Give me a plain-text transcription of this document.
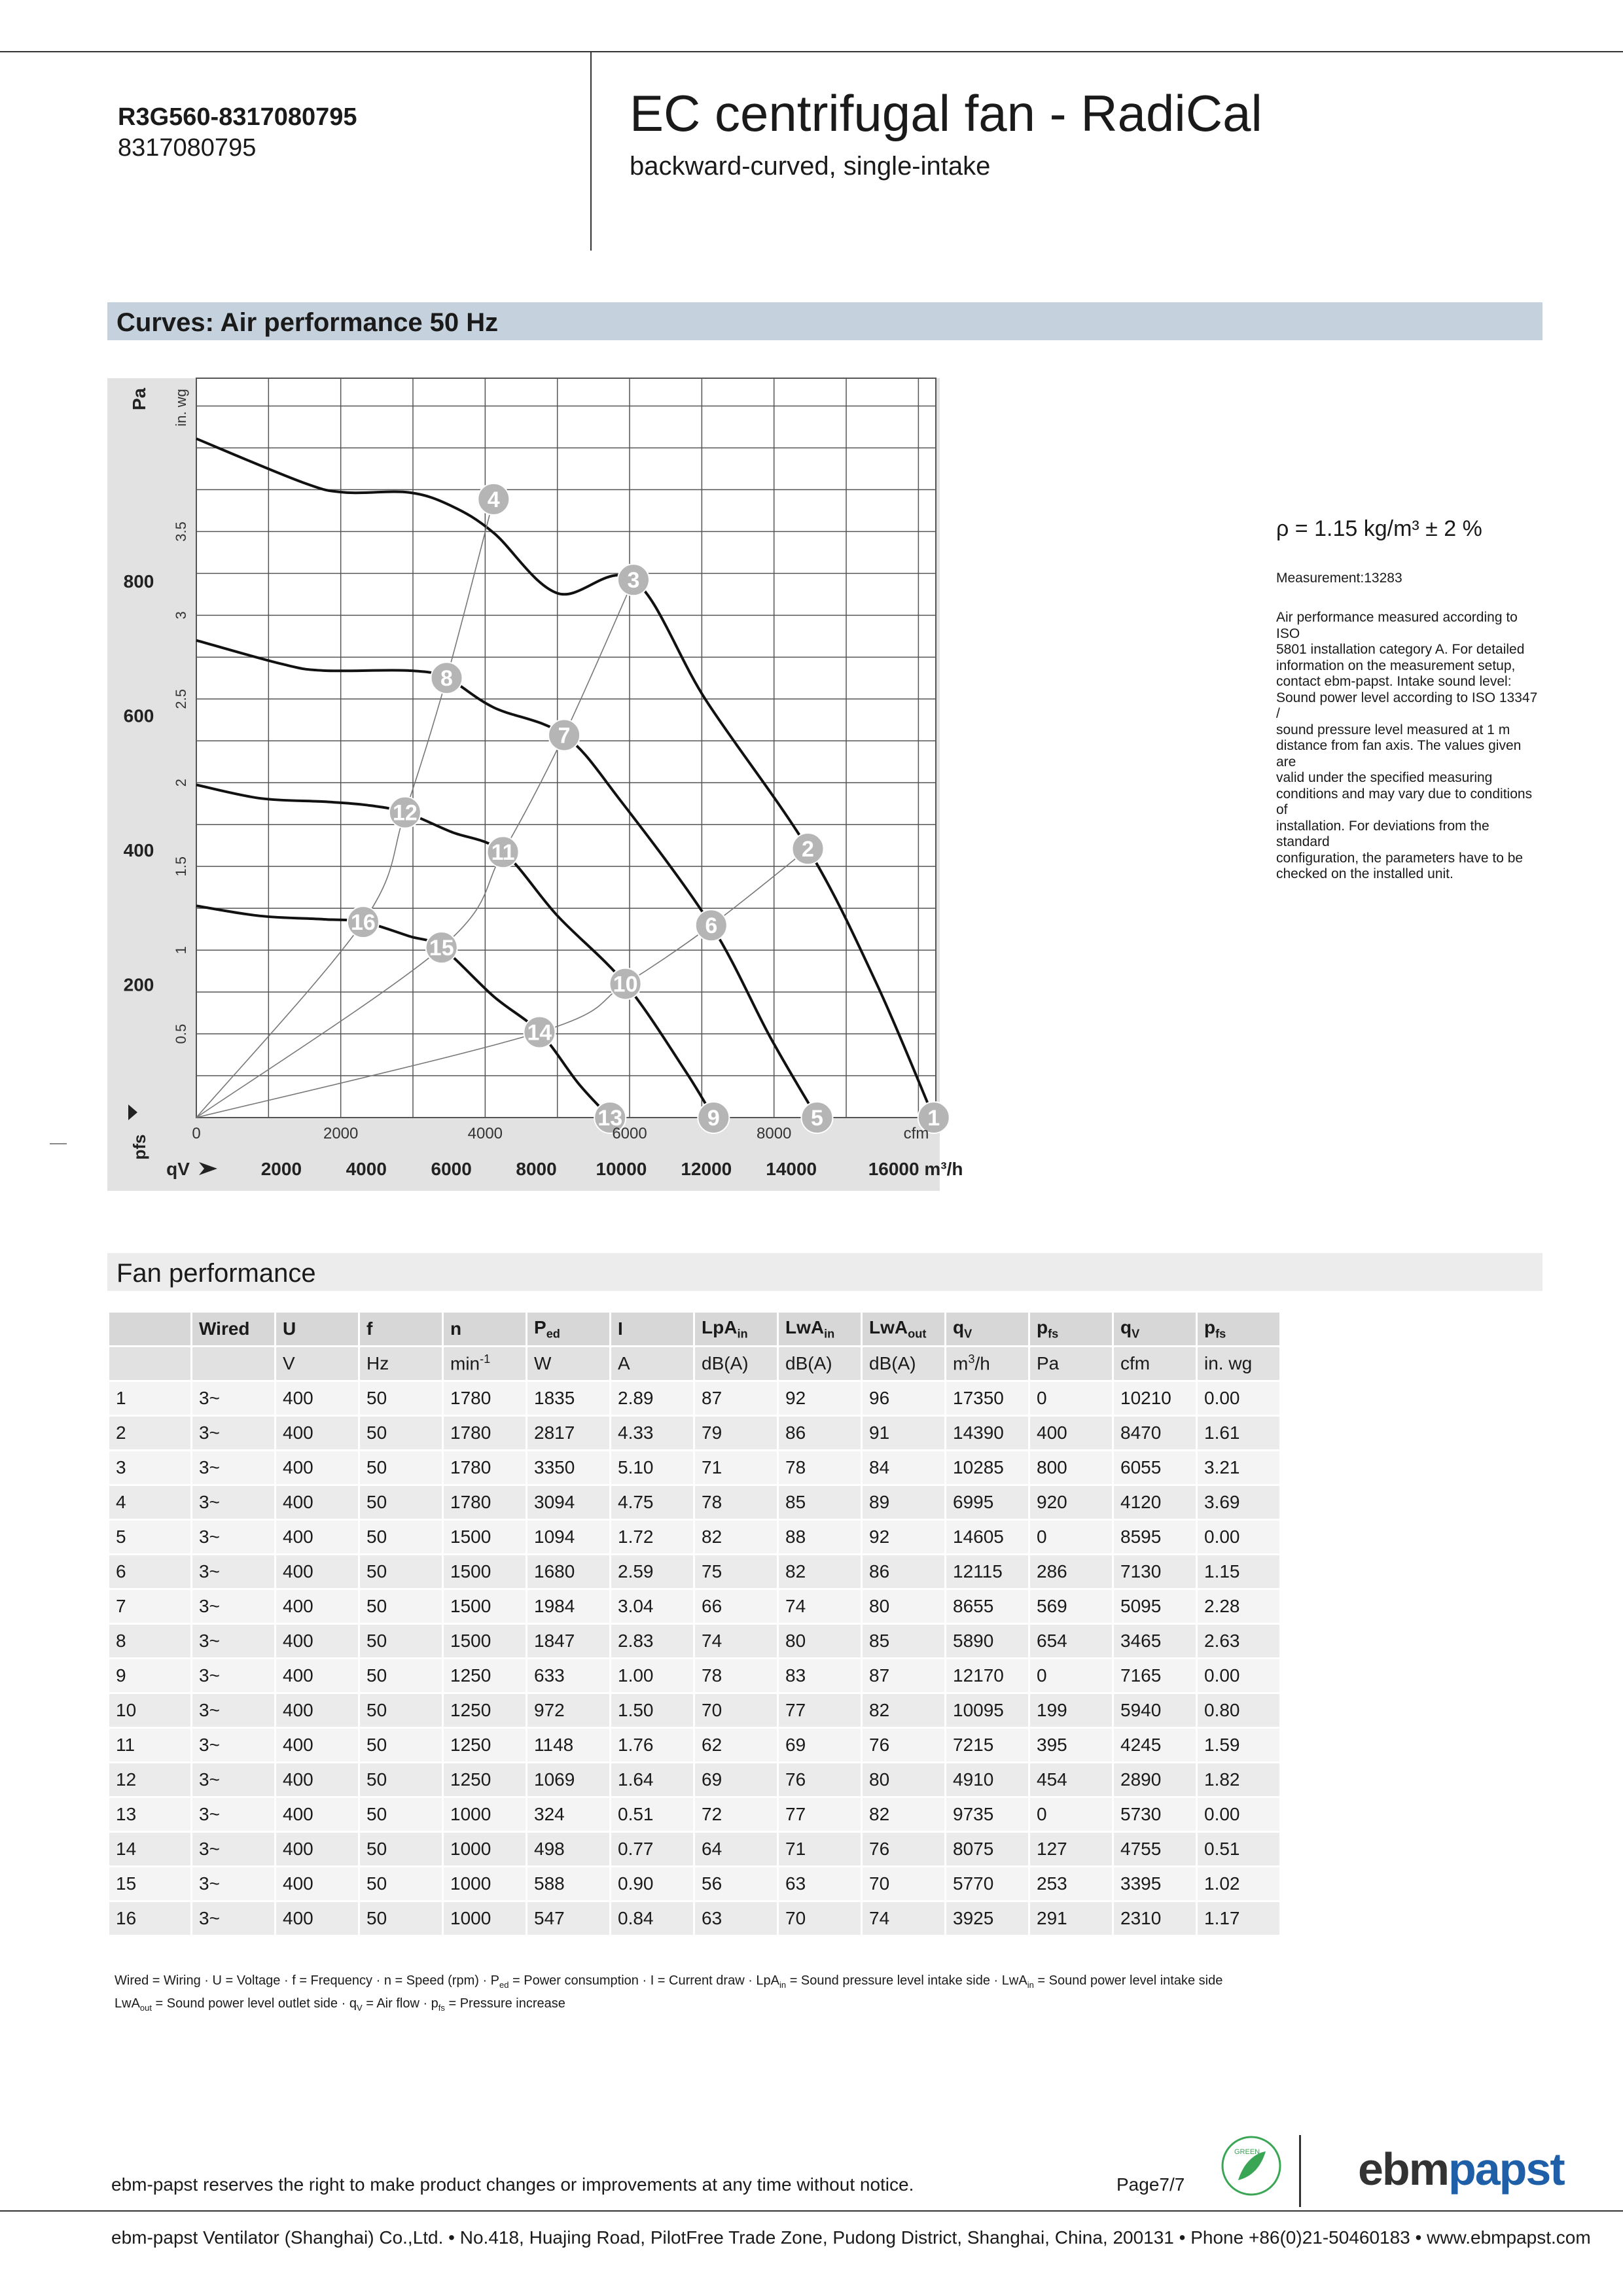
R3G560-8317080795
8317080795
EC centrifugal fan - RadiCal
backward-curved, single-intake
Curves: Air performance 50 Hz
1
2
3
4
5
6
7
8
9
10
11
12
13
14
15
16
200
400
600
800
0.5
1
1.5
2
2.5
3
3.5
Pa in. wg
pfs
0	2000	4000	6000	8000	cfm
2000 4000 6000 8000 10000 12000 14000	16000 m³/h
qV
ρ = 1.15 kg/m³ ± 2 %
Measurement:13283
Air performance measured according to ISO
5801 installation category A. For detailed
information on the measurement setup,
contact ebm-papst. Intake sound level:
Sound power level according to ISO 13347 /
sound pressure level measured at 1 m
distance from fan axis. The values given are
valid under the specified measuring
conditions and may vary due to conditions of
installation. For deviations from the standard
configuration, the parameters have to be
checked on the installed unit.
Fan performance
	Wired	U	f	n	$P_{ed}$	I	LpA$_{in}$	LwA$_{in}$	LwA$_{out}$	$q_V$	$p_{fs}$	$q_V$	$p_{fs}$
		V	Hz	$\min^{-1}$	W	A	dB(A)	dB(A)	dB(A)	$m^3/h$	Pa	cfm	in. wg
1	3~	400	50	1780	1835	2.89	87	92	96	17350	0	10210	0.00
2	3~	400	50	1780	2817	4.33	79	86	91	14390	400	8470	1.61
3	3~	400	50	1780	3350	5.10	71	78	84	10285	800	6055	3.21
4	3~	400	50	1780	3094	4.75	78	85	89	6995	920	4120	3.69
5	3~	400	50	1500	1094	1.72	82	88	92	14605	0	8595	0.00
6	3~	400	50	1500	1680	2.59	75	82	86	12115	286	7130	1.15
7	3~	400	50	1500	1984	3.04	66	74	80	8655	569	5095	2.28
8	3~	400	50	1500	1847	2.83	74	80	85	5890	654	3465	2.63
9	3~	400	50	1250	633	1.00	78	83	87	12170	0	7165	0.00
10	3~	400	50	1250	972	1.50	70	77	82	10095	199	5940	0.80
11	3~	400	50	1250	1148	1.76	62	69	76	7215	395	4245	1.59
12	3~	400	50	1250	1069	1.64	69	76	80	4910	454	2890	1.82
13	3~	400	50	1000	324	0.51	72	77	82	9735	0	5730	0.00
14	3~	400	50	1000	498	0.77	64	71	76	8075	127	4755	0.51
15	3~	400	50	1000	588	0.90	56	63	70	5770	253	3395	1.02
16	3~	400	50	1000	547	0.84	63	70	74	3925	291	2310	1.17
Wired = Wiring · U = Voltage · f = Frequency · n = Speed $(rpm) \cdot P_{ed}$ = Power consumption · I = Current draw · LpA$_{in}$ = Sound pressure level intake side · LwA$_{in}$ = Sound power level intake side
LwA$_{out}$ = Sound power level outlet side · $q_V$ = Air flow · $p_{fs}$ = Pressure increase
ebm-papst reserves the right to make product changes or improvements at any time without notice.	Page7/7
GREEN ebmpapst
ebm-papst Ventilator (Shanghai) Co.,Ltd. • No.418, Huajing Road, PilotFree Trade Zone, Pudong District, Shanghai, China, 200131 • Phone +86(0)21-50460183 • www.ebmpapst.com
